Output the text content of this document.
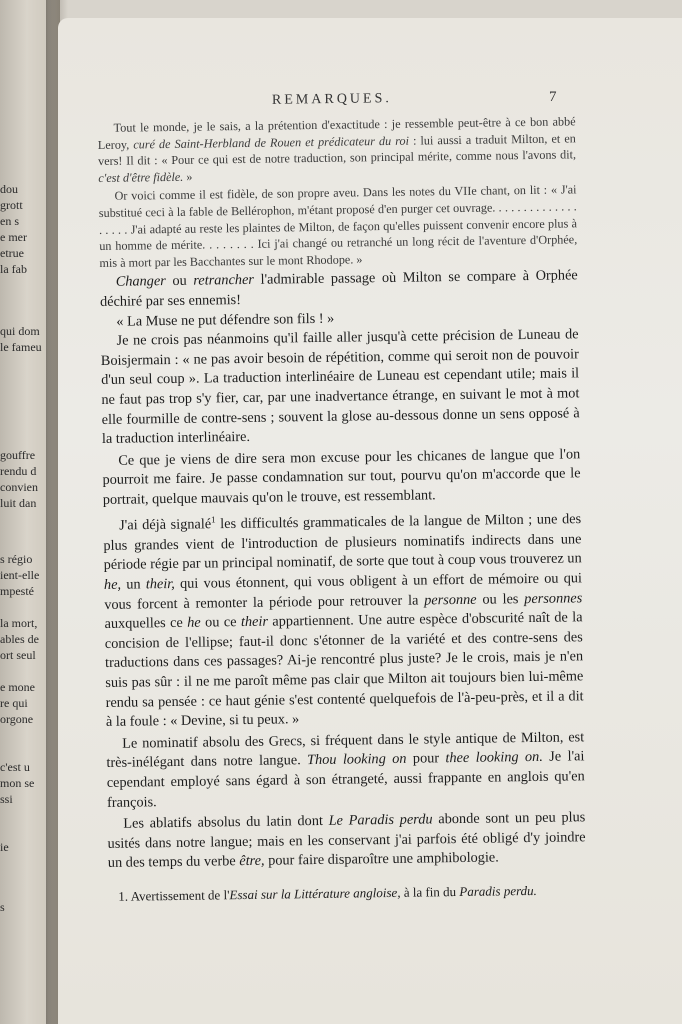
dou
grott
en s
e mer
etrue
la fab
qui dom
le fameu
gouffre
rendu d
convien
luit dan
s régio
ient-elle
mpesté
la mort,
ables de
ort seul
e mone
re qui
orgone
c'est u
mon se
ssi
ie
s
REMARQUES.	7

Tout le monde, je le sais, a la prétention d'exactitude : je ressemble peut-être à ce bon abbé Leroy, curé de Saint-Herbland de Rouen et prédicateur du roi : lui aussi a traduit Milton, et en vers! Il dit : « Pour ce qui est de notre traduction, son principal mérite, comme nous l'avons dit, c'est d'être fidèle. »

Or voici comme il est fidèle, de son propre aveu. Dans les notes du VIIe chant, on lit : « J'ai substitué ceci à la fable de Bellérophon, m'étant proposé d'en purger cet ouvrage. . . . . . . . . . . . . . . . . . . J'ai adapté au reste les plaintes de Milton, de façon qu'elles puissent convenir encore plus à un homme de mérite. . . . . . . . Ici j'ai changé ou retranché un long récit de l'aventure d'Orphée, mis à mort par les Bacchantes sur le mont Rhodope. »

Changer ou retrancher l'admirable passage où Milton se compare à Orphée déchiré par ses ennemis!

« La Muse ne put défendre son fils ! »

Je ne crois pas néanmoins qu'il faille aller jusqu'à cette précision de Luneau de Boisjermain : « ne pas avoir besoin de répétition, comme qui seroit non de pouvoir d'un seul coup ». La traduction interlinéaire de Luneau est cependant utile; mais il ne faut pas trop s'y fier, car, par une inadvertance étrange, en suivant le mot à mot elle fourmille de contre-sens ; souvent la glose au-dessous donne un sens opposé à la traduction interlinéaire.

Ce que je viens de dire sera mon excuse pour les chicanes de langue que l'on pourroit me faire. Je passe condamnation sur tout, pourvu qu'on m'accorde que le portrait, quelque mauvais qu'on le trouve, est ressemblant.

J'ai déjà signalé$^1$ les difficultés grammaticales de la langue de Milton ; une des plus grandes vient de l'introduction de plusieurs nominatifs indirects dans une période régie par un principal nominatif, de sorte que tout à coup vous trouverez un he, un their, qui vous étonnent, qui vous obligent à un effort de mémoire ou qui vous forcent à remonter la période pour retrouver la personne ou les personnes auxquelles ce he ou ce their appartiennent. Une autre espèce d'obscurité naît de la concision de l'ellipse; faut-il donc s'étonner de la variété et des contre-sens des traductions dans ces passages? Ai-je rencontré plus juste? Je le crois, mais je n'en suis pas sûr : il ne me paroît même pas clair que Milton ait toujours bien lui-même rendu sa pensée : ce haut génie s'est contenté quelquefois de l'à-peu-près, et il a dit à la foule : « Devine, si tu peux. »

Le nominatif absolu des Grecs, si fréquent dans le style antique de Milton, est très-inélégant dans notre langue. Thou looking on pour thee looking on. Je l'ai cependant employé sans égard à son étrangeté, aussi frappante en anglois qu'en françois.

Les ablatifs absolus du latin dont Le Paradis perdu abonde sont un peu plus usités dans notre langue; mais en les conservant j'ai parfois été obligé d'y joindre un des temps du verbe être, pour faire disparoître une amphibologie.

1. Avertissement de l'Essai sur la Littérature angloise, à la fin du Paradis perdu.
